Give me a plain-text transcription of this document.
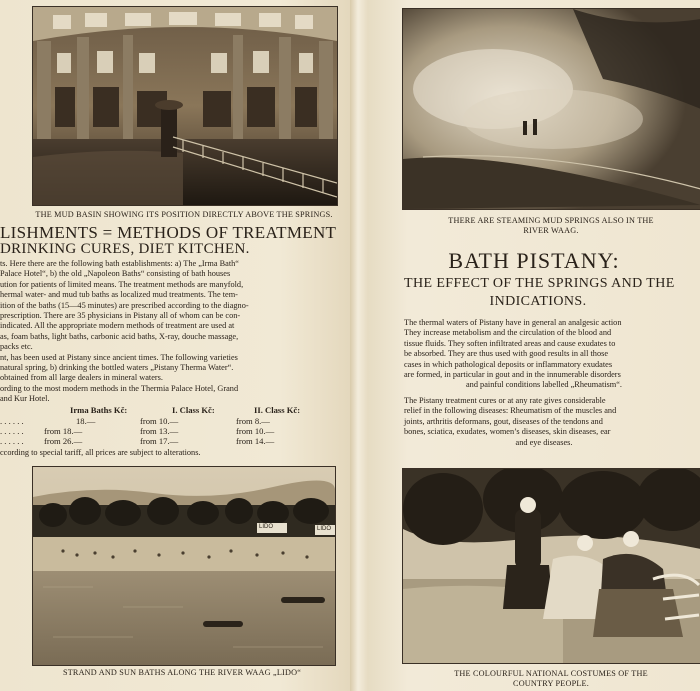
THE MUD BASIN SHOWING ITS POSITION DIRECTLY ABOVE THE SPRINGS.
LISHMENTS = METHODS OF TREATMENT
DRINKING CURES, DIET KITCHEN.
ts. Here there are the following bath establishments: a) The „Irma Bath“
Palace Hotel“, b) the old „Napoleon Baths“ consisting of bath houses
ution for patients of limited means. The treatment methods are manyfold,
hermal water- and mud tub baths as localized mud treatments. The tem-
ition of the baths (15—45 minutes) are prescribed according to the diagno-
prescription. There are 35 physicians in Pistany all of whom can be con-
indicated. All the appropriate modern methods of treatment are used at
as, foam baths, light baths, carbonic acid baths, X-ray, douche massage,
packs etc.
nt, has been used at Pistany since ancient times. The following varieties
natural spring, b) drinking the bottled waters „Pistany Therma Water“.
obtained from all large dealers in mineral waters.
ording to the most modern methods in the Thermia Palace Hotel, Grand
and Kur Hotel.
Irma Baths Kč:	I. Class Kč:	II. Class Kč:
. . . . . .	18.—	from 10.—	from 8.—
. . . . . . from 18.—	from 13.—	from 10.—
. . . . . . from 26.—	from 17.—	from 14.—
ccording to special tariff, all prices are subject to alterations.
LIDO	LIDO
STRAND AND SUN BATHS ALONG THE RIVER WAAG „LIDO“
THERE ARE STEAMING MUD SPRINGS ALSO IN THE
RIVER WAAG.
BATH PISTANY:
THE EFFECT OF THE SPRINGS AND THE
INDICATIONS.
The thermal waters of Pistany have in general an analgesic action
They increase metabolism and the circulation of the blood and
tissue fluids. They soften infiltrated areas and cause exudates to
be absorbed. They are thus used with good results in all those
cases in which pathological deposits or inflammatory exudates
are formed, in particular in gout and in the innumerable disorders
and painful conditions labelled „Rheumatism“.
The Pistany treatment cures or at any rate gives considerable
relief in the following diseases: Rheumatism of the muscles and
joints, arthritis deformans, gout, diseases of the tendons and
bones, sciatica, exudates, women’s diseases, skin diseases, ear
and eye diseases.
THE COLOURFUL NATIONAL COSTUMES OF THE
COUNTRY PEOPLE.
